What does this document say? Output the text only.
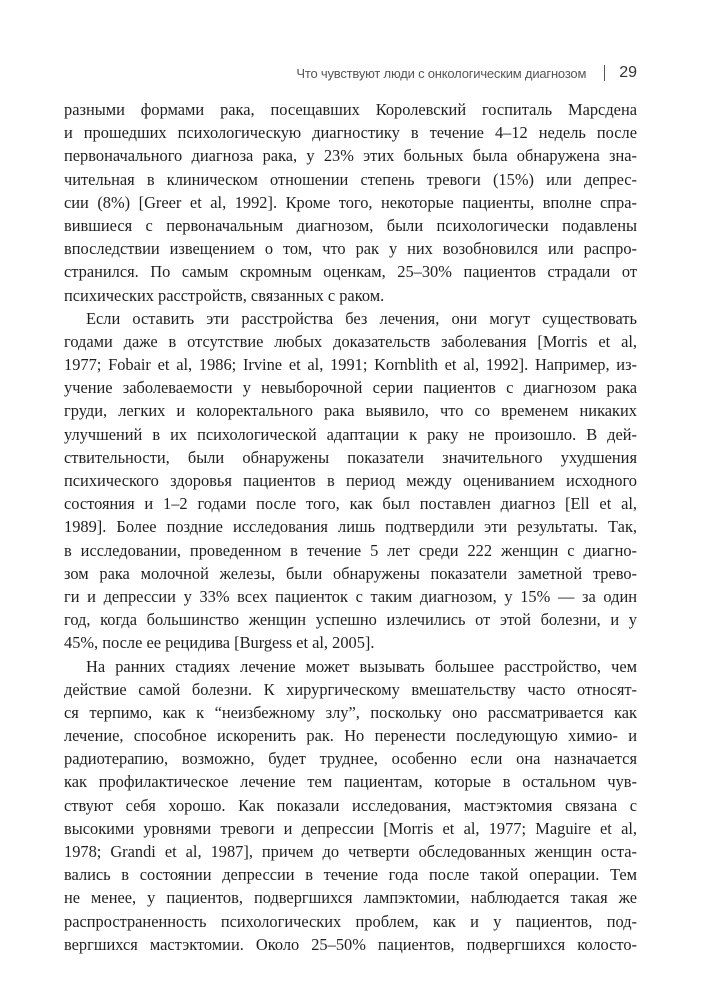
Что чувствуют люди с онкологическим диагнозом 29
разными формами рака, посещавших Королевский госпиталь Марсдена
и прошедших психологическую диагностику в течение 4–12 недель после
первоначального диагноза рака, у 23% этих больных была обнаружена зна-
чительная в клиническом отношении степень тревоги (15%) или депрес-
сии (8%) [Greer et al, 1992]. Кроме того, некоторые пациенты, вполне спра-
вившиеся с первоначальным диагнозом, были психологически подавлены
впоследствии извещением о том, что рак у них возобновился или распро-
странился. По самым скромным оценкам, 25–30% пациентов страдали от
психических расстройств, связанных с раком.
Если оставить эти расстройства без лечения, они могут существовать
годами даже в отсутствие любых доказательств заболевания [Morris et al,
1977; Fobair et al, 1986; Irvine et al, 1991; Kornblith et al, 1992]. Например, из-
учение заболеваемости у невыборочной серии пациентов с диагнозом рака
груди, легких и колоректального рака выявило, что со временем никаких
улучшений в их психологической адаптации к раку не произошло. В дей-
ствительности, были обнаружены показатели значительного ухудшения
психического здоровья пациентов в период между оцениванием исходного
состояния и 1–2 годами после того, как был поставлен диагноз [Ell et al,
1989]. Более поздние исследования лишь подтвердили эти результаты. Так,
в исследовании, проведенном в течение 5 лет среди 222 женщин с диагно-
зом рака молочной железы, были обнаружены показатели заметной трево-
ги и депрессии у 33% всех пациенток с таким диагнозом, у 15% — за один
год, когда большинство женщин успешно излечились от этой болезни, и у
45%, после ее рецидива [Burgess et al, 2005].
На ранних стадиях лечение может вызывать большее расстройство, чем
действие самой болезни. К хирургическому вмешательству часто относят-
ся терпимо, как к “неизбежному злу”, поскольку оно рассматривается как
лечение, способное искоренить рак. Но перенести последующую химио- и
радиотерапию, возможно, будет труднее, особенно если она назначается
как профилактическое лечение тем пациентам, которые в остальном чув-
ствуют себя хорошо. Как показали исследования, мастэктомия связана с
высокими уровнями тревоги и депрессии [Morris et al, 1977; Maguire et al,
1978; Grandi et al, 1987], причем до четверти обследованных женщин оста-
вались в состоянии депрессии в течение года после такой операции. Тем
не менее, у пациентов, подвергшихся лампэктомии, наблюдается такая же
распространенность психологических проблем, как и у пациентов, под-
вергшихся мастэктомии. Около 25–50% пациентов, подвергшихся колосто-
